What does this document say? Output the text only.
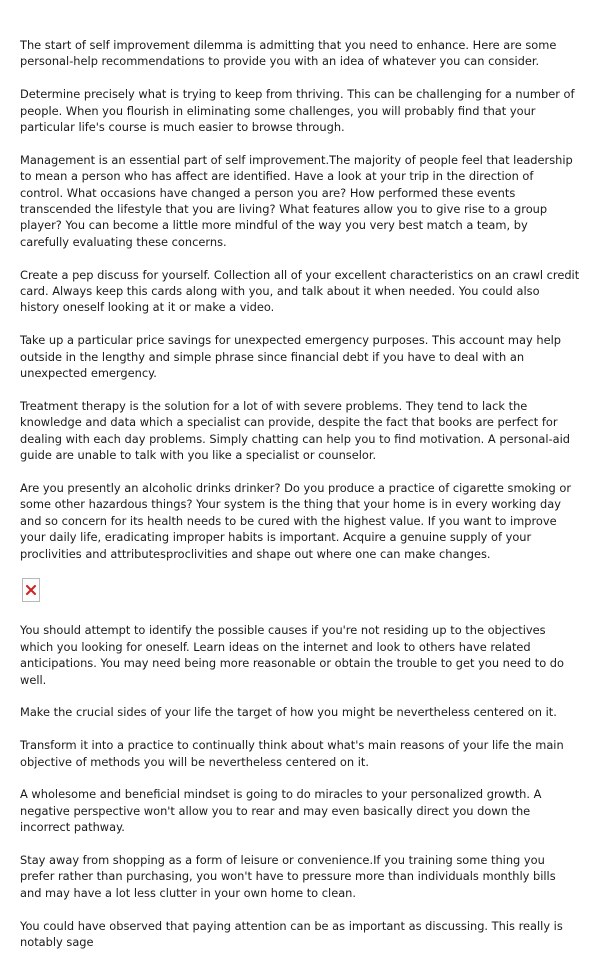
The start of self improvement dilemma is admitting that you need to enhance. Here are some personal-help recommendations to provide you with an idea of whatever you can consider.

Determine precisely what is trying to keep from thriving. This can be challenging for a number of people. When you flourish in eliminating some challenges, you will probably find that your particular life's course is much easier to browse through.

Management is an essential part of self improvement.The majority of people feel that leadership to mean a person who has affect are identified. Have a look at your trip in the direction of control. What occasions have changed a person you are? How performed these events transcended the lifestyle that you are living? What features allow you to give rise to a group player? You can become a little more mindful of the way you very best match a team, by carefully evaluating these concerns.

Create a pep discuss for yourself. Collection all of your excellent characteristics on an crawl credit card. Always keep this cards along with you, and talk about it when needed. You could also history oneself looking at it or make a video.

Take up a particular price savings for unexpected emergency purposes. This account may help outside in the lengthy and simple phrase since financial debt if you have to deal with an unexpected emergency.

Treatment therapy is the solution for a lot of with severe problems. They tend to lack the knowledge and data which a specialist can provide, despite the fact that books are perfect for dealing with each day problems. Simply chatting can help you to find motivation. A personal-aid guide are unable to talk with you like a specialist or counselor.

Are you presently an alcoholic drinks drinker? Do you produce a practice of cigarette smoking or some other hazardous things? Your system is the thing that your home is in every working day and so concern for its health needs to be cured with the highest value. If you want to improve your daily life, eradicating improper habits is important. Acquire a genuine supply of your proclivities and attributesproclivities and shape out where one can make changes.

You should attempt to identify the possible causes if you're not residing up to the objectives which you looking for oneself. Learn ideas on the internet and look to others have related anticipations. You may need being more reasonable or obtain the trouble to get you need to do well.

Make the crucial sides of your life the target of how you might be nevertheless centered on it.

Transform it into a practice to continually think about what's main reasons of your life the main objective of methods you will be nevertheless centered on it.

A wholesome and beneficial mindset is going to do miracles to your personalized growth. A negative perspective won't allow you to rear and may even basically direct you down the incorrect pathway.

Stay away from shopping as a form of leisure or convenience.If you training some thing you prefer rather than purchasing, you won't have to pressure more than individuals monthly bills and may have a lot less clutter in your own home to clean.

You could have observed that paying attention can be as important as discussing. This really is notably sage
